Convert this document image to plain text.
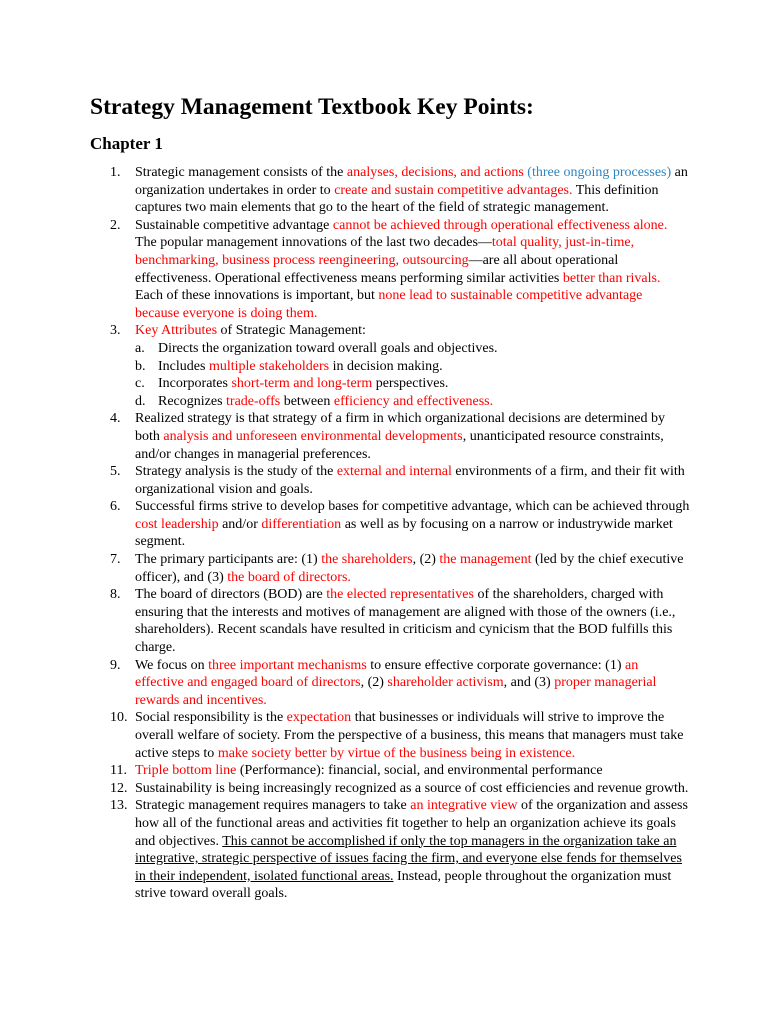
Strategy Management Textbook Key Points:
Chapter 1
1. Strategic management consists of the analyses, decisions, and actions (three ongoing processes) an organization undertakes in order to create and sustain competitive advantages. This definition captures two main elements that go to the heart of the field of strategic management.
2. Sustainable competitive advantage cannot be achieved through operational effectiveness alone. The popular management innovations of the last two decades—total quality, just-in-time, benchmarking, business process reengineering, outsourcing—are all about operational effectiveness. Operational effectiveness means performing similar activities better than rivals. Each of these innovations is important, but none lead to sustainable competitive advantage because everyone is doing them.
3. Key Attributes of Strategic Management:
a. Directs the organization toward overall goals and objectives.
b. Includes multiple stakeholders in decision making.
c. Incorporates short-term and long-term perspectives.
d. Recognizes trade-offs between efficiency and effectiveness.
4. Realized strategy is that strategy of a firm in which organizational decisions are determined by both analysis and unforeseen environmental developments, unanticipated resource constraints, and/or changes in managerial preferences.
5. Strategy analysis is the study of the external and internal environments of a firm, and their fit with organizational vision and goals.
6. Successful firms strive to develop bases for competitive advantage, which can be achieved through cost leadership and/or differentiation as well as by focusing on a narrow or industrywide market segment.
7. The primary participants are: (1) the shareholders, (2) the management (led by the chief executive officer), and (3) the board of directors.
8. The board of directors (BOD) are the elected representatives of the shareholders, charged with ensuring that the interests and motives of management are aligned with those of the owners (i.e., shareholders). Recent scandals have resulted in criticism and cynicism that the BOD fulfills this charge.
9. We focus on three important mechanisms to ensure effective corporate governance: (1) an effective and engaged board of directors, (2) shareholder activism, and (3) proper managerial rewards and incentives.
10. Social responsibility is the expectation that businesses or individuals will strive to improve the overall welfare of society. From the perspective of a business, this means that managers must take active steps to make society better by virtue of the business being in existence.
11. Triple bottom line (Performance): financial, social, and environmental performance
12. Sustainability is being increasingly recognized as a source of cost efficiencies and revenue growth.
13. Strategic management requires managers to take an integrative view of the organization and assess how all of the functional areas and activities fit together to help an organization achieve its goals and objectives. This cannot be accomplished if only the top managers in the organization take an integrative, strategic perspective of issues facing the firm, and everyone else fends for themselves in their independent, isolated functional areas. Instead, people throughout the organization must strive toward overall goals.
